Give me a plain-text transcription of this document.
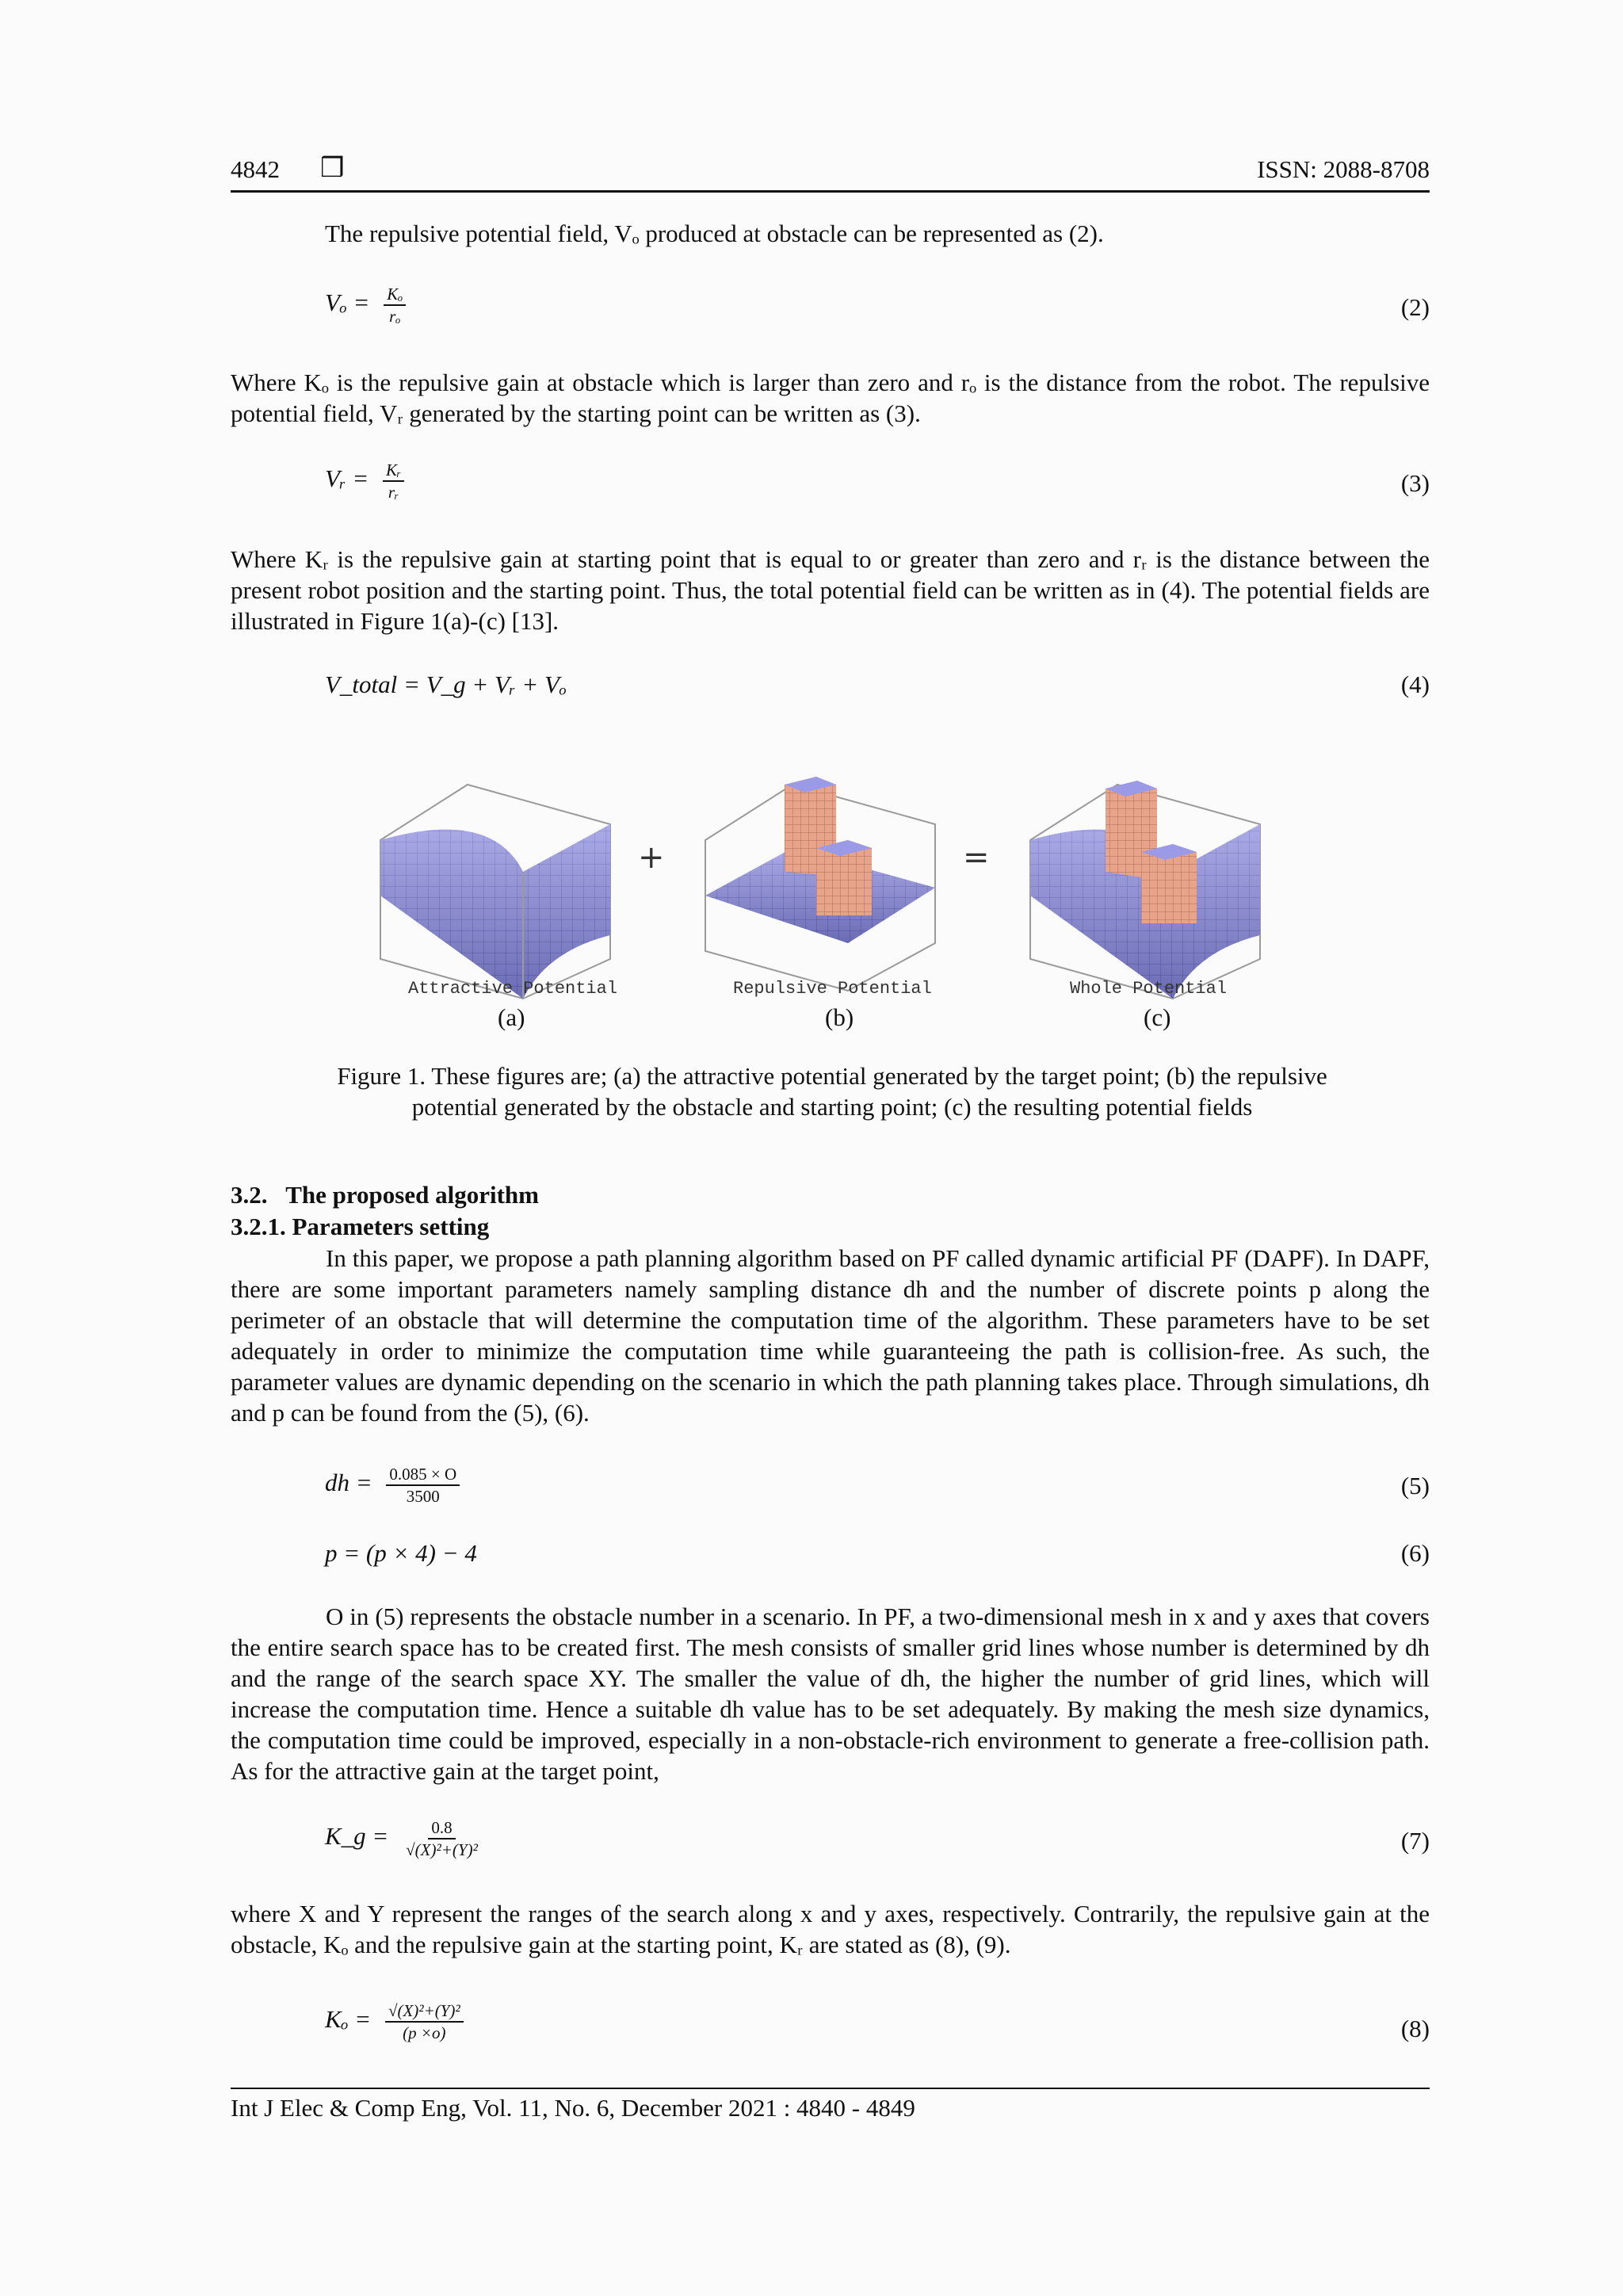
4842 ❒	ISSN: 2088-8708
The repulsive potential field, Vₒ produced at obstacle can be represented as (2).
$V_o = \frac{\text{Kₒ}}{\text{rₒ}}$	(2)

Where Kₒ is the repulsive gain at obstacle which is larger than zero and rₒ is the distance from the robot. The repulsive potential field, Vᵣ generated by the starting point can be written as (3).

Vᵣ = $\frac{\text{Kᵣ}}{\text{rᵣ}}$	(3)

Where Kᵣ is the repulsive gain at starting point that is equal to or greater than zero and rᵣ is the distance between the present robot position and the starting point. Thus, the total potential field can be written as in (4). The potential fields are illustrated in Figure 1(a)-(c) [13].

V_total = V_g + Vᵣ + Vₒ	(4)
+	=
Attractive Potential	Repulsive Potential	Whole Potential
(a)	(b)	(c)
Figure 1. These figures are; (a) the attractive potential generated by the target point; (b) the repulsive
potential generated by the obstacle and starting point; (c) the resulting potential fields
3.2.   The proposed algorithm
3.2.1. Parameters setting

In this paper, we propose a path planning algorithm based on PF called dynamic artificial PF (DAPF). In DAPF, there are some important parameters namely sampling distance dh and the number of discrete points p along the perimeter of an obstacle that will determine the computation time of the algorithm. These parameters have to be set adequately in order to minimize the computation time while guaranteeing the path is collision-free. As such, the parameter values are dynamic depending on the scenario in which the path planning takes place. Through simulations, dh and p can be found from the (5), (6).

dh = $\frac{0.085 \times O}{3500}$	(5)
p = (p × 4) − 4	(6)

O in (5) represents the obstacle number in a scenario. In PF, a two-dimensional mesh in x and y axes that covers the entire search space has to be created first. The mesh consists of smaller grid lines whose number is determined by dh and the range of the search space XY. The smaller the value of dh, the higher the number of grid lines, which will increase the computation time. Hence a suitable dh value has to be set adequately. By making the mesh size dynamics, the computation time could be improved, especially in a non-obstacle-rich environment to generate a free-collision path. As for the attractive gain at the target point,

K_g = $\frac{0.8}{\text{√(X)²+(Y)²}}$	(7)

where X and Y represent the ranges of the search along x and y axes, respectively. Contrarily, the repulsive gain at the obstacle, Kₒ and the repulsive gain at the starting point, Kᵣ are stated as (8), (9).

$K_o = \frac{\text{√(X)²+(Y)²}}{(p \times o)}$	(8)
Int J Elec & Comp Eng, Vol. 11, No. 6, December 2021 : 4840 - 4849
